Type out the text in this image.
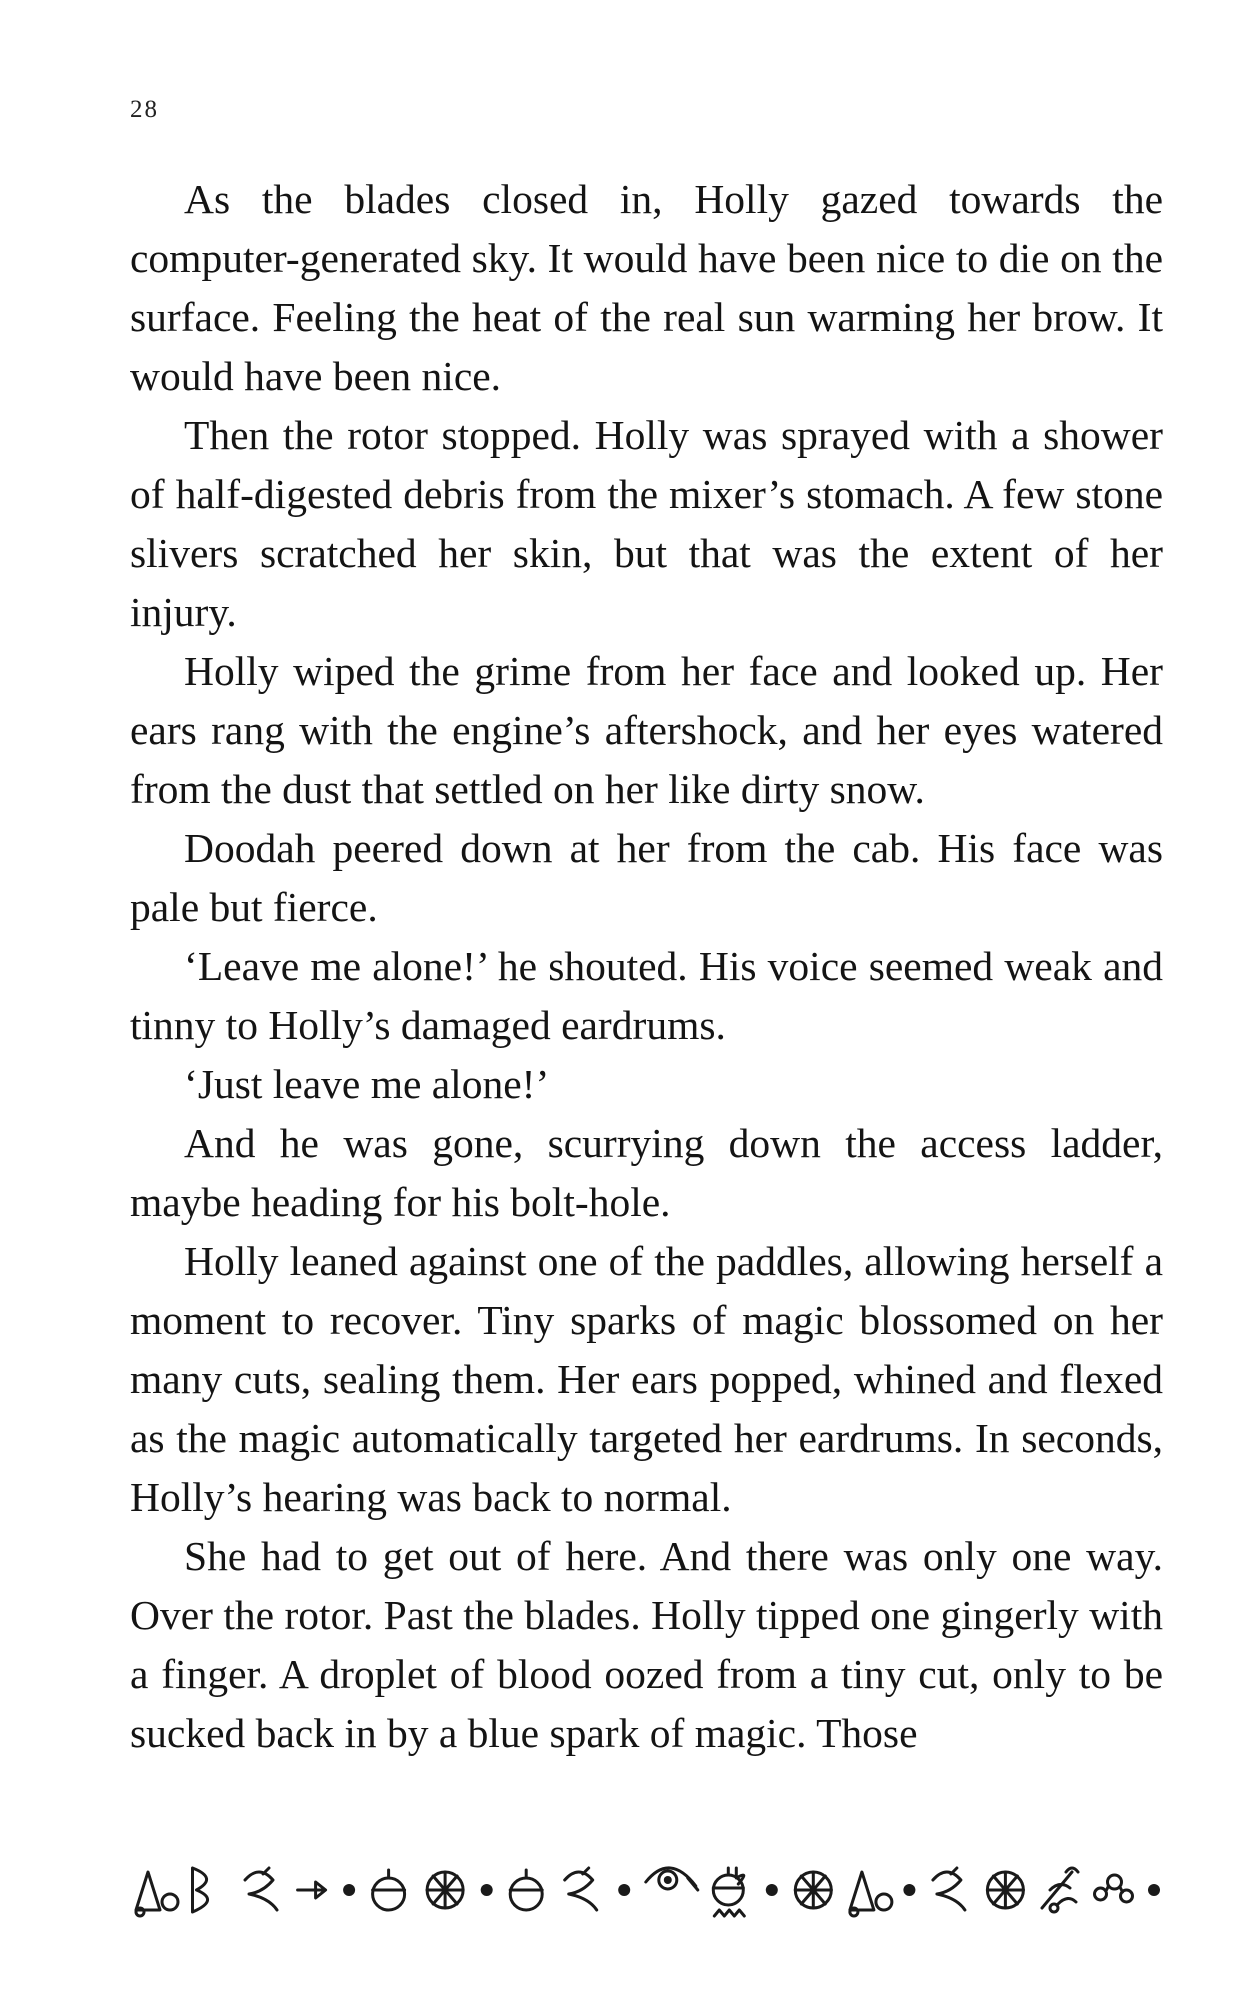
28

As the blades closed in, Holly gazed towards the computer-generated sky. It would have been nice to die on the surface. Feeling the heat of the real sun warming her brow. It would have been nice.

Then the rotor stopped. Holly was sprayed with a shower of half-digested debris from the mixer’s stomach. A few stone slivers scratched her skin, but that was the extent of her injury.

Holly wiped the grime from her face and looked up. Her ears rang with the engine’s aftershock, and her eyes watered from the dust that settled on her like dirty snow.

Doodah peered down at her from the cab. His face was pale but fierce.

‘Leave me alone!’ he shouted. His voice seemed weak and tinny to Holly’s damaged eardrums.

‘Just leave me alone!’

And he was gone, scurrying down the access ladder, maybe heading for his bolt-hole.

Holly leaned against one of the paddles, allowing herself a moment to recover. Tiny sparks of magic blossomed on her many cuts, sealing them. Her ears popped, whined and flexed as the magic automatically targeted her eardrums. In seconds, Holly’s hearing was back to normal.

She had to get out of here. And there was only one way. Over the rotor. Past the blades. Holly tipped one gingerly with a finger. A droplet of blood oozed from a tiny cut, only to be sucked back in by a blue spark of magic. Those
